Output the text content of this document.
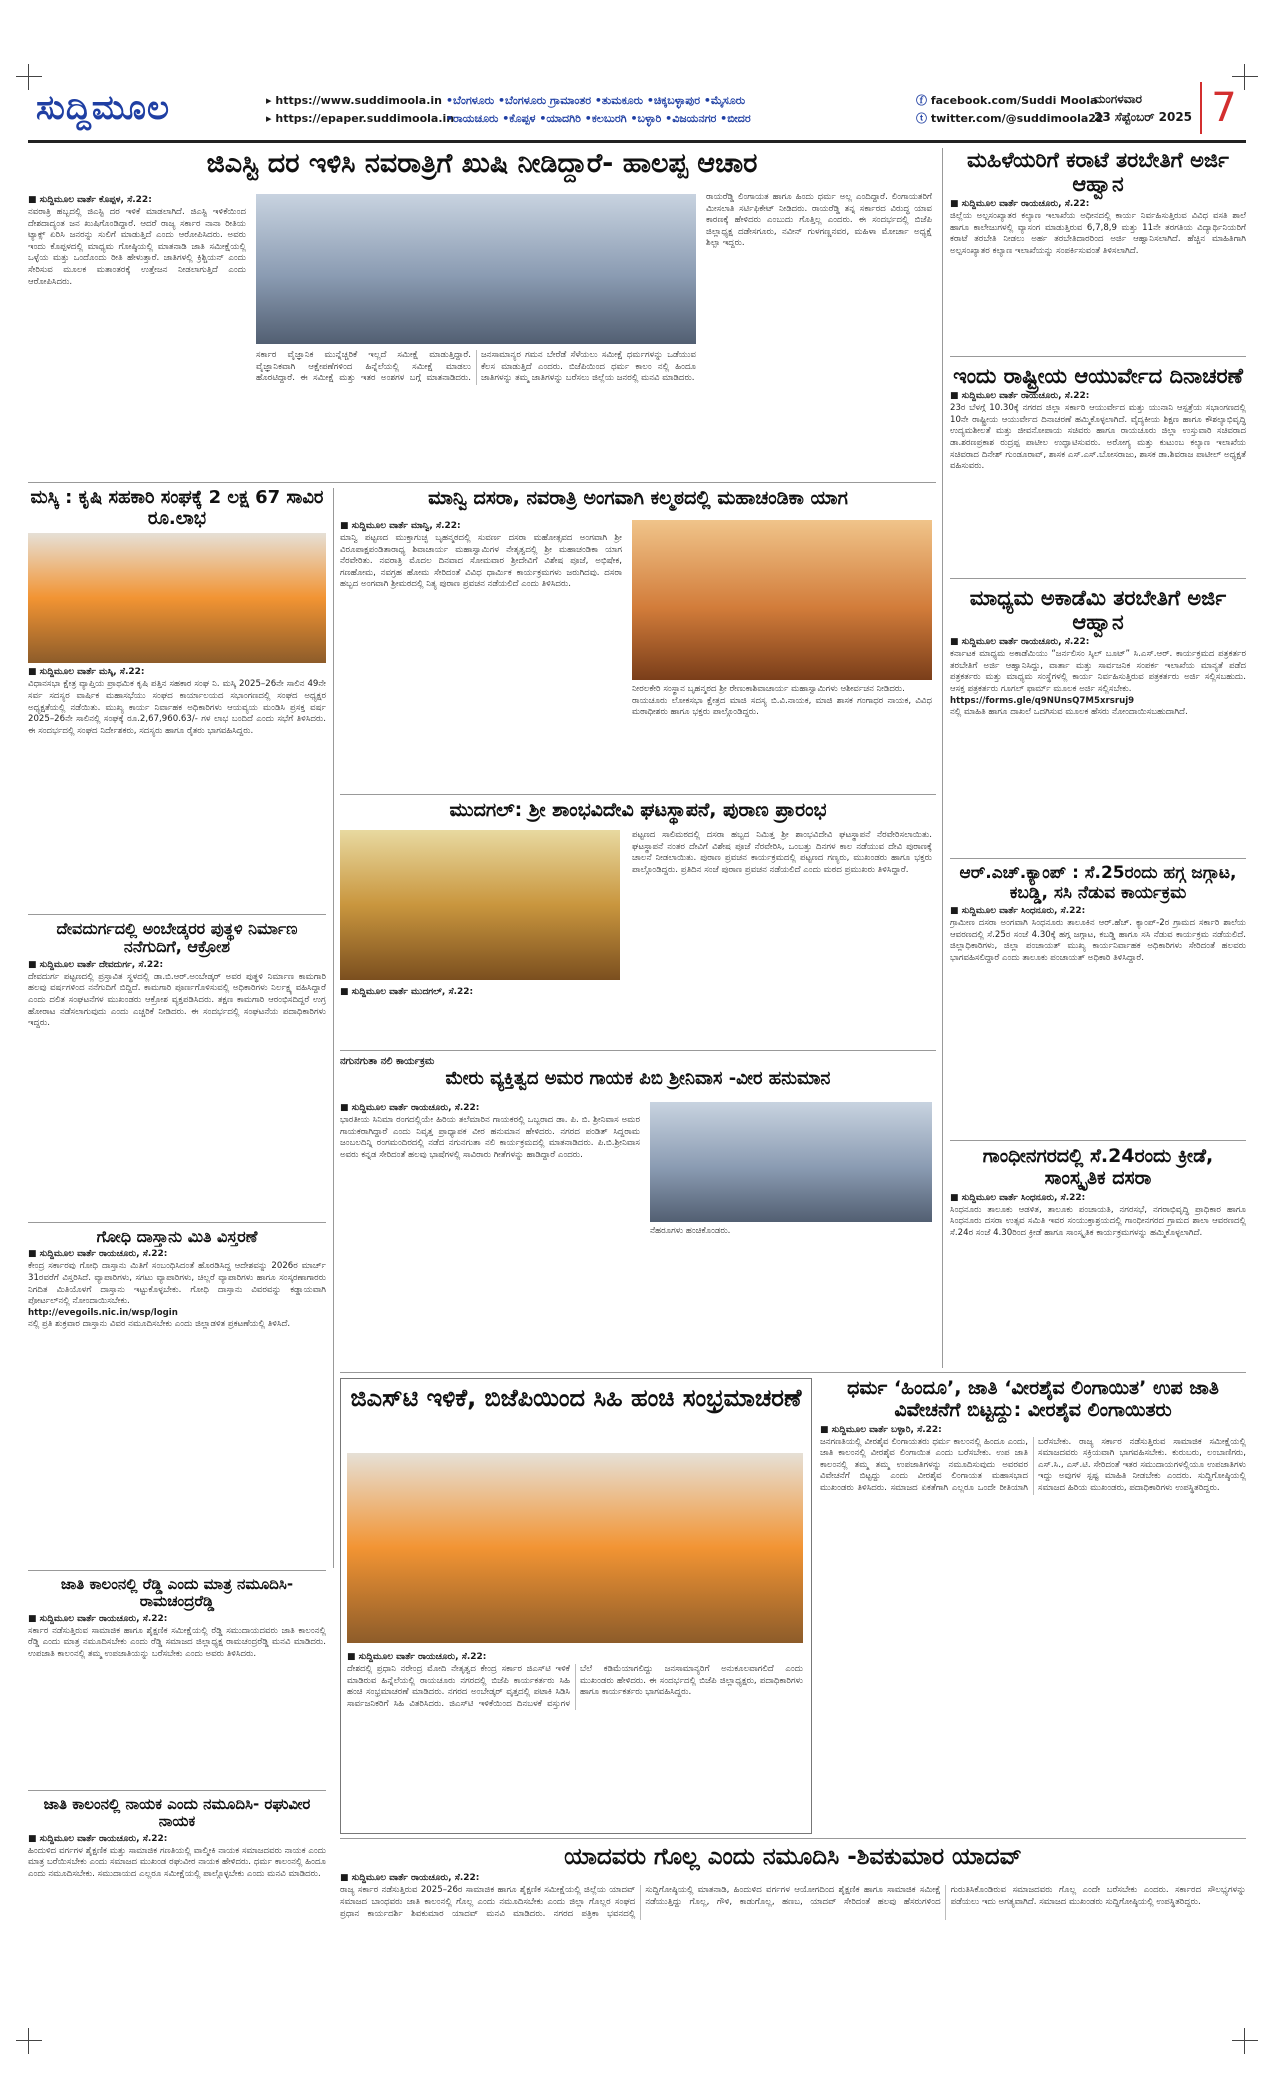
ಸುದ್ದಿಮೂಲ	▸ https://www.suddimoola.in
▸ https://epaper.suddimoola.in
•ಬೆಂಗಳೂರು •ಬೆಂಗಳೂರು ಗ್ರಾಮಾಂತರ •ತುಮಕೂರು •ಚಿಕ್ಕಬಳ್ಳಾಪುರ •ಮೈಸೂರು
•ರಾಯಚೂರು •ಕೊಪ್ಪಳ •ಯಾದಗಿರಿ •ಕಲಬುರಗಿ •ಬಳ್ಳಾರಿ •ವಿಜಯನಗರ •ಬೀದರ
ⓕ facebook.com/Suddi Moola
ⓣ twitter.com/@suddimoola22
ಮಂಗಳವಾರ
23 ಸೆಪ್ಟೆಂಬರ್ 2025 7
ಜಿಎಸ್ಟಿ ದರ ಇಳಿಸಿ ನವರಾತ್ರಿಗೆ ಖುಷಿ ನೀಡಿದ್ದಾರೆ- ಹಾಲಪ್ಪ ಆಚಾರ
■ ಸುದ್ದಿಮೂಲ ವಾರ್ತೆ ಕೊಪ್ಪಳ, ಸೆ.22:

ನವರಾತ್ರಿ ಹಬ್ಬದಲ್ಲಿ ಜಿಎಸ್ಟಿ ದರ ಇಳಿಕೆ ಮಾಡಲಾಗಿದೆ. ಜಿಎಸ್ಟಿ ಇಳಿಕೆಯಿಂದ ದೇಶದಾದ್ಯಂತ ಜನ ಖುಷಿಗೊಂಡಿದ್ದಾರೆ. ಆದರೆ ರಾಜ್ಯ ಸರ್ಕಾರ ನಾನಾ ರೀತಿಯ ಟ್ಯಾಕ್ಸ್ ಏರಿಸಿ ಜನರನ್ನು ಸುಲಿಗೆ ಮಾಡುತ್ತಿದೆ ಎಂದು ಆರೋಪಿಸಿದರು. ಅವರು ಇಂದು ಕೊಪ್ಪಳದಲ್ಲಿ ಮಾಧ್ಯಮ ಗೋಷ್ಠಿಯಲ್ಲಿ ಮಾತನಾಡಿ ಜಾತಿ ಸಮೀಕ್ಷೆಯಲ್ಲಿ ಒಳ್ಳೆಯ ಮತ್ತು ಒಂದೊಂದು ರೀತಿ ಹೇಳುತ್ತಾರೆ. ಜಾತಿಗಳಲ್ಲಿ ಕ್ರಿಶ್ಚಿಯನ್ ಎಂದು ಸೇರಿಸುವ ಮೂಲಕ ಮತಾಂತರಕ್ಕೆ ಉತ್ತೇಜನ ನೀಡಲಾಗುತ್ತಿದೆ ಎಂದು ಆರೋಪಿಸಿದರು.

ಸರ್ಕಾರ ವೈಜ್ಞಾನಿಕ ಮುನ್ನೆಚ್ಚರಿಕೆ ಇಲ್ಲದೆ ಸಮೀಕ್ಷೆ ಮಾಡುತ್ತಿದ್ದಾರೆ. ವೈಜ್ಞಾನಿಕವಾಗಿ ಆಕ್ಷೇಪಣೆಗಳಿಂದ ಹಿನ್ನೆಲೆಯಲ್ಲಿ ಸಮೀಕ್ಷೆ ಮಾಡಲು ಹೊರಟಿದ್ದಾರೆ. ಈ ಸಮೀಕ್ಷೆ ಮತ್ತು ಇತರ ಅಂಶಗಳ ಬಗ್ಗೆ ಮಾತನಾಡಿದರು. ಜನಸಾಮಾನ್ಯರ ಗಮನ ಬೇರೆಡೆ ಸೆಳೆಯಲು ಸಮೀಕ್ಷೆ ಧರ್ಮಗಳನ್ನು ಒಡೆಯುವ ಕೆಲಸ ಮಾಡುತ್ತಿದೆ ಎಂದರು. ಬಿಜೆಪಿಯಿಂದ ಧರ್ಮ ಕಾಲಂ ನಲ್ಲಿ ಹಿಂದೂ ಜಾತಿಗಳನ್ನು ತಮ್ಮ ಜಾತಿಗಳನ್ನು ಬರೆಸಲು ಜಿಲ್ಲೆಯ ಜನರಲ್ಲಿ ಮನವಿ ಮಾಡಿದರು.

ರಾಯರೆಡ್ಡಿ ಲಿಂಗಾಯತ ಹಾಗೂ ಹಿಂದು ಧರ್ಮ ಅಲ್ಲ ಎಂದಿದ್ದಾರೆ. ಲಿಂಗಾಯತರಿಗೆ ಮೀಸಲಾತಿ ಸರ್ಟಿಫಿಕೇಟ್ ನೀಡಿದರು. ರಾಯರೆಡ್ಡಿ ತನ್ನ ಸರ್ಕಾರದ ವಿರುದ್ಧ ಯಾವ ಕಾರಣಕ್ಕೆ ಹೇಳಿದರು ಎಂಬುದು ಗೊತ್ತಿಲ್ಲ ಎಂದರು. ಈ ಸಂದರ್ಭದಲ್ಲಿ ಬಿಜೆಪಿ ಜಿಲ್ಲಾಧ್ಯಕ್ಷ ದಡೇಸಗೂರು, ನವೀನ್ ಗುಳಗಣ್ಣನವರ, ಮಹಿಳಾ ಮೋರ್ಚಾ ಅಧ್ಯಕ್ಷೆ ಶಿಲ್ಪಾ ಇದ್ದರು.

ಮಹಿಳೆಯರಿಗೆ ಕರಾಟೆ ತರಬೇತಿಗೆ ಅರ್ಜಿ ಆಹ್ವಾನ
■ ಸುದ್ದಿಮೂಲ ವಾರ್ತೆ ರಾಯಚೂರು, ಸೆ.22:

ಜಿಲ್ಲೆಯ ಅಲ್ಪಸಂಖ್ಯಾತರ ಕಲ್ಯಾಣ ಇಲಾಖೆಯ ಅಧೀನದಲ್ಲಿ ಕಾರ್ಯ ನಿರ್ವಹಿಸುತ್ತಿರುವ ವಿವಿಧ ವಸತಿ ಶಾಲೆ ಹಾಗೂ ಕಾಲೇಜುಗಳಲ್ಲಿ ವ್ಯಾಸಂಗ ಮಾಡುತ್ತಿರುವ 6,7,8,9 ಮತ್ತು 11ನೇ ತರಗತಿಯ ವಿದ್ಯಾರ್ಥಿನಿಯರಿಗೆ ಕರಾಟೆ ತರಬೇತಿ ನೀಡಲು ಅರ್ಹ ತರಬೇತಿದಾರರಿಂದ ಅರ್ಜಿ ಆಹ್ವಾನಿಸಲಾಗಿದೆ. ಹೆಚ್ಚಿನ ಮಾಹಿತಿಗಾಗಿ ಅಲ್ಪಸಂಖ್ಯಾತರ ಕಲ್ಯಾಣ ಇಲಾಖೆಯನ್ನು ಸಂಪರ್ಕಿಸುವಂತೆ ತಿಳಿಸಲಾಗಿದೆ.

ಇಂದು ರಾಷ್ಟ್ರೀಯ ಆಯುರ್ವೇದ ದಿನಾಚರಣೆ
■ ಸುದ್ದಿಮೂಲ ವಾರ್ತೆ ರಾಯಚೂರು, ಸೆ.22:

23ರ ಬೆಳಗ್ಗೆ 10.30ಕ್ಕೆ ನಗರದ ಜಿಲ್ಲಾ ಸರ್ಕಾರಿ ಆಯುರ್ವೇದ ಮತ್ತು ಯುನಾನಿ ಆಸ್ಪತ್ರೆಯ ಸಭಾಂಗಣದಲ್ಲಿ 10ನೇ ರಾಷ್ಟ್ರೀಯ ಆಯುರ್ವೇದ ದಿನಾಚರಣೆ ಹಮ್ಮಿಕೊಳ್ಳಲಾಗಿದೆ. ವೈದ್ಯಕೀಯ ಶಿಕ್ಷಣ ಹಾಗೂ ಕೌಶಲ್ಯಾಭಿವೃದ್ಧಿ ಉದ್ಯಮಶೀಲತೆ ಮತ್ತು ಜೀವನೋಪಾಯ ಸಚಿವರು ಹಾಗೂ ರಾಯಚೂರು ಜಿಲ್ಲಾ ಉಸ್ತುವಾರಿ ಸಚಿವರಾದ ಡಾ.ಶರಣಪ್ರಕಾಶ ರುದ್ರಪ್ಪ ಪಾಟೀಲ ಉದ್ಘಾಟಿಸುವರು. ಅರೋಗ್ಯ ಮತ್ತು ಕುಟುಂಬ ಕಲ್ಯಾಣ ಇಲಾಖೆಯ ಸಚಿವರಾದ ದಿನೇಶ್ ಗುಂಡೂರಾವ್, ಶಾಸಕ ಎಸ್.ಎಸ್.ಬೋಸರಾಜು, ಶಾಸಕ ಡಾ.ಶಿವರಾಜ ಪಾಟೀಲ್ ಅಧ್ಯಕ್ಷತೆ ವಹಿಸುವರು.

ಮಾಧ್ಯಮ ಅಕಾಡೆಮಿ ತರಬೇತಿಗೆ ಅರ್ಜಿ ಆಹ್ವಾನ
■ ಸುದ್ದಿಮೂಲ ವಾರ್ತೆ ರಾಯಚೂರು, ಸೆ.22:

ಕರ್ನಾಟಕ ಮಾಧ್ಯಮ ಅಕಾಡೆಮಿಯು “ಜರ್ನಲಿಸಂ ಸ್ಕಿಲ್ ಬೂಟ್” ಸಿ.ಎಸ್.ಆರ್. ಕಾರ್ಯಕ್ರಮದ ಪತ್ರಕರ್ತರ ತರಬೇತಿಗೆ ಅರ್ಜಿ ಆಹ್ವಾನಿಸಿದ್ದು, ವಾರ್ತಾ ಮತ್ತು ಸಾರ್ವಜನಿಕ ಸಂಪರ್ಕ ಇಲಾಖೆಯ ಮಾನ್ಯತೆ ಪಡೆದ ಪತ್ರಕರ್ತರು ಮತ್ತು ಮಾಧ್ಯಮ ಸಂಸ್ಥೆಗಳಲ್ಲಿ ಕಾರ್ಯ ನಿರ್ವಹಿಸುತ್ತಿರುವ ಪತ್ರಕರ್ತರು ಅರ್ಜಿ ಸಲ್ಲಿಸಬಹುದು. ಆಸಕ್ತ ಪತ್ರಕರ್ತರು ಗೂಗಲ್ ಫಾರ್ಮ್ ಮೂಲಕ ಅರ್ಜಿ ಸಲ್ಲಿಸಬೇಕು.

https://forms.gle/q9NUnsQ7M5xrsruj9

ನಲ್ಲಿ ಮಾಹಿತಿ ಹಾಗೂ ದಾಖಲೆ ಒದಗಿಸುವ ಮೂಲಕ ಹೆಸರು ನೋಂದಾಯಿಸಬಹುದಾಗಿದೆ.

ಆರ್.ಎಚ್.ಕ್ಯಾಂಪ್ : ಸೆ.25ರಂದು ಹಗ್ಗ ಜಗ್ಗಾಟ, ಕಬಡ್ಡಿ, ಸಸಿ ನೆಡುವ ಕಾರ್ಯಕ್ರಮ
■ ಸುದ್ದಿಮೂಲ ವಾರ್ತೆ ಸಿಂಧನೂರು, ಸೆ.22:

ಗ್ರಾಮೀಣ ದಸರಾ ಅಂಗವಾಗಿ ಸಿಂಧನೂರು ತಾಲೂಕಿನ ಆರ್.ಹೆಚ್. ಕ್ಯಾಂಪ್-2ರ ಗ್ರಾಮದ ಸರ್ಕಾರಿ ಶಾಲೆಯ ಆವರಣದಲ್ಲಿ ಸೆ.25ರ ಸಂಜೆ 4.30ಕ್ಕೆ ಹಗ್ಗ ಜಗ್ಗಾಟ, ಕಬಡ್ಡಿ ಹಾಗೂ ಸಸಿ ನೆಡುವ ಕಾರ್ಯಕ್ರಮ ನಡೆಯಲಿದೆ. ಜಿಲ್ಲಾಧಿಕಾರಿಗಳು, ಜಿಲ್ಲಾ ಪಂಚಾಯತ್ ಮುಖ್ಯ ಕಾರ್ಯನಿರ್ವಾಹಕ ಅಧಿಕಾರಿಗಳು ಸೇರಿದಂತೆ ಹಲವರು ಭಾಗವಹಿಸಲಿದ್ದಾರೆ ಎಂದು ತಾಲೂಕು ಪಂಚಾಯತ್ ಅಧಿಕಾರಿ ತಿಳಿಸಿದ್ದಾರೆ.

ಗಾಂಧೀನಗರದಲ್ಲಿ ಸೆ.24ರಂದು ಕ್ರೀಡೆ, ಸಾಂಸ್ಕೃತಿಕ ದಸರಾ
■ ಸುದ್ದಿಮೂಲ ವಾರ್ತೆ ಸಿಂಧನೂರು, ಸೆ.22:

ಸಿಂಧನೂರು ತಾಲೂಕು ಆಡಳಿತ, ತಾಲೂಕು ಪಂಚಾಯತಿ, ನಗರಸಭೆ, ನಗರಾಭಿವೃದ್ಧಿ ಪ್ರಾಧಿಕಾರ ಹಾಗೂ ಸಿಂಧನೂರು ದಸರಾ ಉತ್ಸವ ಸಮಿತಿ ಇವರ ಸಂಯುಕ್ತಾಶ್ರಯದಲ್ಲಿ ಗಾಂಧೀನಗರದ ಗ್ರಾಮದ ಶಾಲಾ ಆವರಣದಲ್ಲಿ ಸೆ.24ರ ಸಂಜೆ 4.30ರಿಂದ ಕ್ರೀಡೆ ಹಾಗೂ ಸಾಂಸ್ಕೃತಿಕ ಕಾರ್ಯಕ್ರಮಗಳನ್ನು ಹಮ್ಮಿಕೊಳ್ಳಲಾಗಿದೆ.

ಮಸ್ಕಿ : ಕೃಷಿ ಸಹಕಾರಿ ಸಂಘಕ್ಕೆ 2 ಲಕ್ಷ 67 ಸಾವಿರ ರೂ.ಲಾಭ
■ ಸುದ್ದಿಮೂಲ ವಾರ್ತೆ ಮಸ್ಕಿ, ಸೆ.22:

ವಿಧಾನಸಭಾ ಕ್ಷೇತ್ರ ವ್ಯಾಪ್ತಿಯ ಪ್ರಾಥಮಿಕ ಕೃಷಿ ಪತ್ತಿನ ಸಹಕಾರ ಸಂಘ ನಿ. ಮಸ್ಕಿ 2025–26ನೇ ಸಾಲಿನ 49ನೇ ಸರ್ವ ಸದಸ್ಯರ ವಾರ್ಷಿಕ ಮಹಾಸಭೆಯು ಸಂಘದ ಕಾರ್ಯಾಲಯದ ಸಭಾಂಗಣದಲ್ಲಿ ಸಂಘದ ಅಧ್ಯಕ್ಷರ ಅಧ್ಯಕ್ಷತೆಯಲ್ಲಿ ನಡೆಯಿತು. ಮುಖ್ಯ ಕಾರ್ಯ ನಿರ್ವಾಹಕ ಅಧಿಕಾರಿಗಳು ಆಯವ್ಯಯ ಮಂಡಿಸಿ ಪ್ರಸಕ್ತ ವರ್ಷ 2025–26ನೇ ಸಾಲಿನಲ್ಲಿ ಸಂಘಕ್ಕೆ ರೂ.2,67,960.63/- ಗಳ ಲಾಭ ಬಂದಿದೆ ಎಂದು ಸಭೆಗೆ ತಿಳಿಸಿದರು. ಈ ಸಂದರ್ಭದಲ್ಲಿ ಸಂಘದ ನಿರ್ದೇಶಕರು, ಸದಸ್ಯರು ಹಾಗೂ ರೈತರು ಭಾಗವಹಿಸಿದ್ದರು.

ಮಾನ್ವಿ ದಸರಾ, ನವರಾತ್ರಿ ಅಂಗವಾಗಿ ಕಲ್ಮಠದಲ್ಲಿ ಮಹಾಚಂಡಿಕಾ ಯಾಗ
■ ಸುದ್ದಿಮೂಲ ವಾರ್ತೆ ಮಾನ್ವಿ, ಸೆ.22:

ಮಾನ್ವಿ ಪಟ್ಟಣದ ಮುಕ್ತಾಗುಚ್ಛ ಬೃಹನ್ಮಠದಲ್ಲಿ ಸುವರ್ಣ ದಸರಾ ಮಹೋತ್ಸವದ ಅಂಗವಾಗಿ ಶ್ರೀ ವಿರೂಪಾಕ್ಷಪಂಡಿತಾರಾಧ್ಯ ಶಿವಾಚಾರ್ಯ ಮಹಾಸ್ವಾಮಿಗಳ ನೇತೃತ್ವದಲ್ಲಿ ಶ್ರೀ ಮಹಾಚಂಡಿಕಾ ಯಾಗ ನೆರವೇರಿತು. ನವರಾತ್ರಿ ಮೊದಲ ದಿನವಾದ ಸೋಮವಾರ ಶ್ರೀದೇವಿಗೆ ವಿಶೇಷ ಪೂಜೆ, ಅಭಿಷೇಕ, ಗಣಹೋಮ, ನವಗ್ರಹ ಹೋಮ ಸೇರಿದಂತೆ ವಿವಿಧ ಧಾರ್ಮಿಕ ಕಾರ್ಯಕ್ರಮಗಳು ಜರುಗಿದವು. ದಸರಾ ಹಬ್ಬದ ಅಂಗವಾಗಿ ಶ್ರೀಮಠದಲ್ಲಿ ನಿತ್ಯ ಪುರಾಣ ಪ್ರವಚನ ನಡೆಯಲಿದೆ ಎಂದು ತಿಳಿಸಿದರು.

ನೀರಲಕೇರಿ ಸಂಸ್ಥಾನ ಬೃಹನ್ಮಠದ ಶ್ರೀ ರೇಣುಕಾಶಿವಾಚಾರ್ಯ ಮಹಾಸ್ವಾಮಿಗಳು ಆಶೀರ್ವಚನ ನೀಡಿದರು.

ರಾಯಚೂರು ಲೋಕಸಭಾ ಕ್ಷೇತ್ರದ ಮಾಜಿ ಸದಸ್ಯ ಬಿ.ವಿ.ನಾಯಕ, ಮಾಜಿ ಶಾಸಕ ಗಂಗಾಧರ ನಾಯಕ, ವಿವಿಧ ಮಠಾಧೀಶರು ಹಾಗೂ ಭಕ್ತರು ಪಾಲ್ಗೊಂಡಿದ್ದರು.

ಮುದಗಲ್: ಶ್ರೀ ಶಾಂಭವಿದೇವಿ ಘಟಸ್ಥಾಪನೆ, ಪುರಾಣ ಪ್ರಾರಂಭ
■ ಸುದ್ದಿಮೂಲ ವಾರ್ತೆ ಮುದಗಲ್, ಸೆ.22:

ಪಟ್ಟಣದ ಸಾಲಿಮಠದಲ್ಲಿ ದಸರಾ ಹಬ್ಬದ ನಿಮಿತ್ತ ಶ್ರೀ ಶಾಂಭವಿದೇವಿ ಘಟಸ್ಥಾಪನೆ ನೆರವೇರಿಸಲಾಯಿತು. ಘಟಸ್ಥಾಪನೆ ನಂತರ ದೇವಿಗೆ ವಿಶೇಷ ಪೂಜೆ ನೆರವೇರಿಸಿ, ಒಂಬತ್ತು ದಿನಗಳ ಕಾಲ ನಡೆಯುವ ದೇವಿ ಪುರಾಣಕ್ಕೆ ಚಾಲನೆ ನೀಡಲಾಯಿತು. ಪುರಾಣ ಪ್ರವಚನ ಕಾರ್ಯಕ್ರಮದಲ್ಲಿ ಪಟ್ಟಣದ ಗಣ್ಯರು, ಮುಖಂಡರು ಹಾಗೂ ಭಕ್ತರು ಪಾಲ್ಗೊಂಡಿದ್ದರು. ಪ್ರತಿದಿನ ಸಂಜೆ ಪುರಾಣ ಪ್ರವಚನ ನಡೆಯಲಿದೆ ಎಂದು ಮಠದ ಪ್ರಮುಖರು ತಿಳಿಸಿದ್ದಾರೆ.

ನಗುನಗುತಾ ನಲಿ ಕಾರ್ಯಕ್ರಮ
ಮೇರು ವ್ಯಕ್ತಿತ್ವದ ಅಮರ ಗಾಯಕ ಪಿಬಿ ಶ್ರೀನಿವಾಸ -ವೀರ ಹನುಮಾನ
■ ಸುದ್ದಿಮೂಲ ವಾರ್ತೆ ರಾಯಚೂರು, ಸೆ.22:

ಭಾರತೀಯ ಸಿನಿಮಾ ರಂಗದಲ್ಲಿಯೇ ಹಿರಿಯ ತಲೆಮಾರಿನ ಗಾಯಕರಲ್ಲಿ ಒಬ್ಬರಾದ ಡಾ. ಪಿ. ಬಿ. ಶ್ರೀನಿವಾಸ ಅಮರ ಗಾಯಕರಾಗಿದ್ದಾರೆ ಎಂದು ನಿವೃತ್ತ ಪ್ರಾಧ್ಯಾಪಕ ವೀರ ಹನುಮಾನ ಹೇಳಿದರು. ನಗರದ ಪಂಡಿತ್ ಸಿದ್ದರಾಮ ಜಂಬಲದಿನ್ನಿ ರಂಗಮಂದಿರದಲ್ಲಿ ನಡೆದ ನಗುನಗುತಾ ನಲಿ ಕಾರ್ಯಕ್ರಮದಲ್ಲಿ ಮಾತನಾಡಿದರು. ಪಿ.ಬಿ.ಶ್ರೀನಿವಾಸ ಅವರು ಕನ್ನಡ ಸೇರಿದಂತೆ ಹಲವು ಭಾಷೆಗಳಲ್ಲಿ ಸಾವಿರಾರು ಗೀತೆಗಳನ್ನು ಹಾಡಿದ್ದಾರೆ ಎಂದರು.

ನೆಹರೂಗಳು ಹಂಚಿಕೊಂಡರು.
ದೇವದುರ್ಗದಲ್ಲಿ ಅಂಬೇಡ್ಕರರ ಪುತ್ಥಳಿ ನಿರ್ಮಾಣ ನನೆಗುದಿಗೆ, ಆಕ್ರೋಶ
■ ಸುದ್ದಿಮೂಲ ವಾರ್ತೆ ದೇವದುರ್ಗ, ಸೆ.22:

ದೇವದುರ್ಗ ಪಟ್ಟಣದಲ್ಲಿ ಪ್ರಸ್ತಾವಿತ ಸ್ಥಳದಲ್ಲಿ ಡಾ.ಬಿ.ಆರ್.ಅಂಬೇಡ್ಕರ್ ಅವರ ಪುತ್ಥಳಿ ನಿರ್ಮಾಣ ಕಾಮಗಾರಿ ಹಲವು ವರ್ಷಗಳಿಂದ ನನೆಗುದಿಗೆ ಬಿದ್ದಿದೆ. ಕಾಮಗಾರಿ ಪೂರ್ಣಗೊಳಿಸುವಲ್ಲಿ ಅಧಿಕಾರಿಗಳು ನಿರ್ಲಕ್ಷ್ಯ ವಹಿಸಿದ್ದಾರೆ ಎಂದು ದಲಿತ ಸಂಘಟನೆಗಳ ಮುಖಂಡರು ಆಕ್ರೋಶ ವ್ಯಕ್ತಪಡಿಸಿದರು. ತಕ್ಷಣ ಕಾಮಗಾರಿ ಆರಂಭಿಸದಿದ್ದರೆ ಉಗ್ರ ಹೋರಾಟ ನಡೆಸಲಾಗುವುದು ಎಂದು ಎಚ್ಚರಿಕೆ ನೀಡಿದರು. ಈ ಸಂದರ್ಭದಲ್ಲಿ ಸಂಘಟನೆಯ ಪದಾಧಿಕಾರಿಗಳು ಇದ್ದರು.

ಗೋಧಿ ದಾಸ್ತಾನು ಮಿತಿ ವಿಸ್ತರಣೆ
■ ಸುದ್ದಿಮೂಲ ವಾರ್ತೆ ರಾಯಚೂರು, ಸೆ.22:

ಕೇಂದ್ರ ಸರ್ಕಾರವು ಗೋಧಿ ದಾಸ್ತಾನು ಮಿತಿಗೆ ಸಂಬಂಧಿಸಿದಂತೆ ಹೊರಡಿಸಿದ್ದ ಆದೇಶವನ್ನು 2026ರ ಮಾರ್ಚ್ 31ರವರೆಗೆ ವಿಸ್ತರಿಸಿದೆ. ವ್ಯಾಪಾರಿಗಳು, ಸಗಟು ವ್ಯಾಪಾರಿಗಳು, ಚಿಲ್ಲರೆ ವ್ಯಾಪಾರಿಗಳು ಹಾಗೂ ಸಂಸ್ಕರಣಾಗಾರರು ನಿಗದಿತ ಮಿತಿಯೊಳಗೆ ದಾಸ್ತಾನು ಇಟ್ಟುಕೊಳ್ಳಬೇಕು. ಗೋಧಿ ದಾಸ್ತಾನು ವಿವರವನ್ನು ಕಡ್ಡಾಯವಾಗಿ ಪೋರ್ಟಲ್‌ನಲ್ಲಿ ನೋಂದಾಯಿಸಬೇಕು.

http://evegoils.nic.in/wsp/login

ನಲ್ಲಿ ಪ್ರತಿ ಶುಕ್ರವಾರ ದಾಸ್ತಾನು ವಿವರ ನಮೂದಿಸಬೇಕು ಎಂದು ಜಿಲ್ಲಾಡಳಿತ ಪ್ರಕಟಣೆಯಲ್ಲಿ ತಿಳಿಸಿದೆ.

ಜಾತಿ ಕಾಲಂನಲ್ಲಿ ರೆಡ್ಡಿ ಎಂದು ಮಾತ್ರ ನಮೂದಿಸಿ-ರಾಮಚಂದ್ರರೆಡ್ಡಿ
■ ಸುದ್ದಿಮೂಲ ವಾರ್ತೆ ರಾಯಚೂರು, ಸೆ.22:

ಸರ್ಕಾರ ನಡೆಸುತ್ತಿರುವ ಸಾಮಾಜಿಕ ಹಾಗೂ ಶೈಕ್ಷಣಿಕ ಸಮೀಕ್ಷೆಯಲ್ಲಿ ರೆಡ್ಡಿ ಸಮುದಾಯದವರು ಜಾತಿ ಕಾಲಂನಲ್ಲಿ ರೆಡ್ಡಿ ಎಂದು ಮಾತ್ರ ನಮೂದಿಸಬೇಕು ಎಂದು ರೆಡ್ಡಿ ಸಮಾಜದ ಜಿಲ್ಲಾಧ್ಯಕ್ಷ ರಾಮಚಂದ್ರರೆಡ್ಡಿ ಮನವಿ ಮಾಡಿದರು. ಉಪಜಾತಿ ಕಾಲಂನಲ್ಲಿ ತಮ್ಮ ಉಪಜಾತಿಯನ್ನು ಬರೆಸಬೇಕು ಎಂದು ಅವರು ತಿಳಿಸಿದರು.

ಜಾತಿ ಕಾಲಂನಲ್ಲಿ ನಾಯಕ ಎಂದು ನಮೂದಿಸಿ- ರಘುವೀರ ನಾಯಕ
■ ಸುದ್ದಿಮೂಲ ವಾರ್ತೆ ರಾಯಚೂರು, ಸೆ.22:

ಹಿಂದುಳಿದ ವರ್ಗಗಳ ಶೈಕ್ಷಣಿಕ ಮತ್ತು ಸಾಮಾಜಿಕ ಗಣತಿಯಲ್ಲಿ ವಾಲ್ಮೀಕಿ ನಾಯಕ ಸಮಾಜದವರು ನಾಯಕ ಎಂದು ಮಾತ್ರ ಬರೆಯಿಸಬೇಕು ಎಂದು ಸಮಾಜದ ಮುಖಂಡ ರಘುವೀರ ನಾಯಕ ಹೇಳಿದರು. ಧರ್ಮ ಕಾಲಂನಲ್ಲಿ ಹಿಂದೂ ಎಂದು ನಮೂದಿಸಬೇಕು. ಸಮುದಾಯದ ಎಲ್ಲರೂ ಸಮೀಕ್ಷೆಯಲ್ಲಿ ಪಾಲ್ಗೊಳ್ಳಬೇಕು ಎಂದು ಮನವಿ ಮಾಡಿದರು.

ಜಿಎಸ್‌ಟಿ ಇಳಿಕೆ, ಬಿಜೆಪಿಯಿಂದ ಸಿಹಿ ಹಂಚಿ ಸಂಭ್ರಮಾಚರಣೆ
■ ಸುದ್ದಿಮೂಲ ವಾರ್ತೆ ರಾಯಚೂರು, ಸೆ.22:

ದೇಶದಲ್ಲಿ ಪ್ರಧಾನಿ ನರೇಂದ್ರ ಮೋದಿ ನೇತೃತ್ವದ ಕೇಂದ್ರ ಸರ್ಕಾರ ಜಿಎಸ್‌ಟಿ ಇಳಿಕೆ ಮಾಡಿರುವ ಹಿನ್ನೆಲೆಯಲ್ಲಿ ರಾಯಚೂರು ನಗರದಲ್ಲಿ ಬಿಜೆಪಿ ಕಾರ್ಯಕರ್ತರು ಸಿಹಿ ಹಂಚಿ ಸಂಭ್ರಮಾಚರಣೆ ಮಾಡಿದರು. ನಗರದ ಅಂಬೇಡ್ಕರ್ ವೃತ್ತದಲ್ಲಿ ಪಟಾಕಿ ಸಿಡಿಸಿ ಸಾರ್ವಜನಿಕರಿಗೆ ಸಿಹಿ ವಿತರಿಸಿದರು. ಜಿಎಸ್‌ಟಿ ಇಳಿಕೆಯಿಂದ ದಿನಬಳಕೆ ವಸ್ತುಗಳ ಬೆಲೆ ಕಡಿಮೆಯಾಗಲಿದ್ದು ಜನಸಾಮಾನ್ಯರಿಗೆ ಅನುಕೂಲವಾಗಲಿದೆ ಎಂದು ಮುಖಂಡರು ಹೇಳಿದರು. ಈ ಸಂದರ್ಭದಲ್ಲಿ ಬಿಜೆಪಿ ಜಿಲ್ಲಾಧ್ಯಕ್ಷರು, ಪದಾಧಿಕಾರಿಗಳು ಹಾಗೂ ಕಾರ್ಯಕರ್ತರು ಭಾಗವಹಿಸಿದ್ದರು.

ಧರ್ಮ ‘ಹಿಂದೂ’, ಜಾತಿ ‘ವೀರಶೈವ ಲಿಂಗಾಯಿತ’ ಉಪ ಜಾತಿ ವಿವೇಚನೆಗೆ ಬಿಟ್ಟದ್ದು: ವೀರಶೈವ ಲಿಂಗಾಯಿತರು
■ ಸುದ್ದಿಮೂಲ ವಾರ್ತೆ ಬಳ್ಳಾರಿ, ಸೆ.22:

ಜನಗಣತಿಯಲ್ಲಿ ವೀರಶೈವ ಲಿಂಗಾಯತರು ಧರ್ಮ ಕಾಲಂನಲ್ಲಿ ಹಿಂದೂ ಎಂದು, ಜಾತಿ ಕಾಲಂನಲ್ಲಿ ವೀರಶೈವ ಲಿಂಗಾಯಿತ ಎಂದು ಬರೆಸಬೇಕು. ಉಪ ಜಾತಿ ಕಾಲಂನಲ್ಲಿ ತಮ್ಮ ತಮ್ಮ ಉಪಜಾತಿಗಳನ್ನು ನಮೂದಿಸುವುದು ಅವರವರ ವಿವೇಚನೆಗೆ ಬಿಟ್ಟದ್ದು ಎಂದು ವೀರಶೈವ ಲಿಂಗಾಯತ ಮಹಾಸಭಾದ ಮುಖಂಡರು ತಿಳಿಸಿದರು. ಸಮಾಜದ ಏಕತೆಗಾಗಿ ಎಲ್ಲರೂ ಒಂದೇ ರೀತಿಯಾಗಿ ಬರೆಸಬೇಕು. ರಾಜ್ಯ ಸರ್ಕಾರ ನಡೆಸುತ್ತಿರುವ ಸಾಮಾಜಿಕ ಸಮೀಕ್ಷೆಯಲ್ಲಿ ಸಮಾಜದವರು ಸಕ್ರಿಯವಾಗಿ ಭಾಗವಹಿಸಬೇಕು. ಕುರುಬರು, ಲಂಬಾಣಿಗರು, ಎಸ್.ಸಿ., ಎಸ್.ಟಿ. ಸೇರಿದಂತೆ ಇತರ ಸಮುದಾಯಗಳಲ್ಲಿಯೂ ಉಪಜಾತಿಗಳು ಇದ್ದು ಅವುಗಳ ಸ್ಪಷ್ಟ ಮಾಹಿತಿ ನೀಡಬೇಕು ಎಂದರು. ಸುದ್ದಿಗೋಷ್ಠಿಯಲ್ಲಿ ಸಮಾಜದ ಹಿರಿಯ ಮುಖಂಡರು, ಪದಾಧಿಕಾರಿಗಳು ಉಪಸ್ಥಿತರಿದ್ದರು.

ಯಾದವರು ಗೊಲ್ಲ ಎಂದು ನಮೂದಿಸಿ -ಶಿವಕುಮಾರ ಯಾದವ್
■ ಸುದ್ದಿಮೂಲ ವಾರ್ತೆ ರಾಯಚೂರು, ಸೆ.22:

ರಾಜ್ಯ ಸರ್ಕಾರ ನಡೆಸುತ್ತಿರುವ 2025–26ರ ಸಾಮಾಜಿಕ ಹಾಗೂ ಶೈಕ್ಷಣಿಕ ಸಮೀಕ್ಷೆಯಲ್ಲಿ ಜಿಲ್ಲೆಯ ಯಾದವ್ ಸಮಾಜದ ಬಾಂಧವರು ಜಾತಿ ಕಾಲಂನಲ್ಲಿ ಗೊಲ್ಲ ಎಂದು ನಮೂದಿಸಬೇಕು ಎಂದು ಜಿಲ್ಲಾ ಗೊಲ್ಲರ ಸಂಘದ ಪ್ರಧಾನ ಕಾರ್ಯದರ್ಶಿ ಶಿವಕುಮಾರ ಯಾದವ್ ಮನವಿ ಮಾಡಿದರು. ನಗರದ ಪತ್ರಿಕಾ ಭವನದಲ್ಲಿ ಸುದ್ದಿಗೋಷ್ಠಿಯಲ್ಲಿ ಮಾತನಾಡಿ, ಹಿಂದುಳಿದ ವರ್ಗಗಳ ಆಯೋಗದಿಂದ ಶೈಕ್ಷಣಿಕ ಹಾಗೂ ಸಾಮಾಜಿಕ ಸಮೀಕ್ಷೆ ನಡೆಯುತ್ತಿದ್ದು ಗೊಲ್ಲ, ಗೌಳಿ, ಕಾಡುಗೊಲ್ಲ, ಹಣಬ, ಯಾದವ್ ಸೇರಿದಂತೆ ಹಲವು ಹೆಸರುಗಳಿಂದ ಗುರುತಿಸಿಕೊಂಡಿರುವ ಸಮಾಜದವರು ಗೊಲ್ಲ ಎಂದೇ ಬರೆಸಬೇಕು ಎಂದರು. ಸರ್ಕಾರದ ಸೌಲಭ್ಯಗಳನ್ನು ಪಡೆಯಲು ಇದು ಅಗತ್ಯವಾಗಿದೆ. ಸಮಾಜದ ಮುಖಂಡರು ಸುದ್ದಿಗೋಷ್ಠಿಯಲ್ಲಿ ಉಪಸ್ಥಿತರಿದ್ದರು.
